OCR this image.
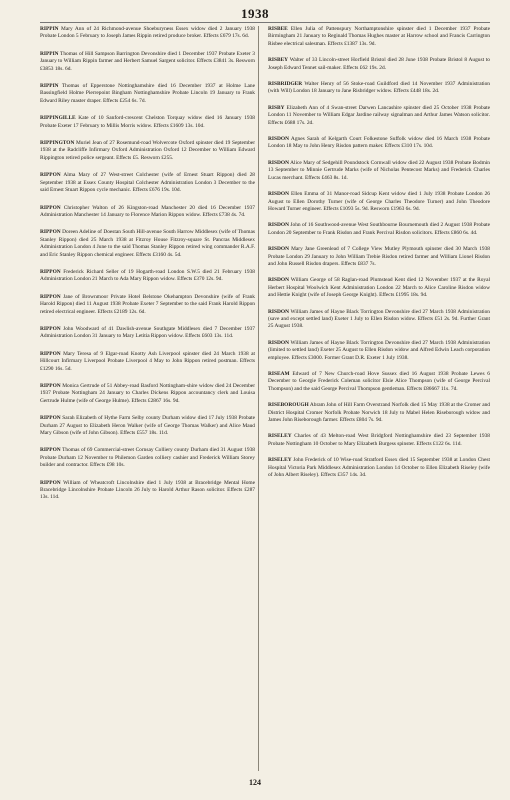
1938

RIPPIN Mary Ann of 24 Richmond-avenue Shoeburyness Essex widow died 2 January 1938 Probate London 5 February to Joseph James Rippin retired produce broker. Effects £679 17s. 6d.

RIPPIN Thomas of Hill Sampson Barrington Devonshire died 1 December 1937 Probate Exeter 3 January to William Rippin farmer and Herbert Samuel Sargent solicitor. Effects £3841 3s. Resworn £3853 18s. 6d.

RIPPIN Thomas of Epperstone Nottinghamshire died 16 December 1937 at Holme Lane Bassingfield Holme Pierrepoint Bingham Nottinghamshire Probate Lincoln 19 January to Frank Edward Riley master draper. Effects £254 6s. 7d.

RIPPINGILLE Kate of 10 Sanford-crescent Chelston Torquay widow died 16 January 1938 Probate Exeter 17 February to Millis Morris widow. Effects £1609 13s. 10d.

RIPPINGTON Muriel Jean of 27 Rosemund-road Wolvercote Oxford spinster died 19 September 1938 at the Radcliffe Infirmary Oxford Administration Oxford 12 December to William Edward Rippington retired police sergeant. Effects £5. Resworn £255.

RIPPON Alma Mary of 27 West-street Colchester (wife of Ernest Stuart Rippon) died 28 September 1938 at Essex County Hospital Colchester Administration London 3 December to the said Ernest Stuart Rippon cycle mechanic. Effects £676 19s. 10d.

RIPPON Christopher Walton of 26 Kingston-road Manchester 20 died 16 December 1937 Administration Manchester 14 January to Florence Marion Rippon widow. Effects £738 4s. 7d.

RIPPON Doreen Adeline of Doestan South Hill-avenue South Harrow Middlesex (wife of Thomas Stanley Rippon) died 25 March 1938 at Fitzroy House Fitzroy-square St. Pancras Middlesex Administration London 4 June to the said Thomas Stanley Rippon retired wing commander R.A.F. and Eric Stanley Rippon chemical engineer. Effects £3160 4s. 5d.

RIPPON Frederick Richard Seller of 19 Hogarth-road London S.W.5 died 21 February 1938 Administration London 21 March to Ada Mary Rippon widow. Effects £370 12s. 9d.

RIPPON Jane of Brownmoor Private Hotel Belstone Okehampton Devonshire (wife of Frank Harold Rippon) died 11 August 1938 Probate Exeter 7 September to the said Frank Harold Rippon retired electrical engineer. Effects £2189 12s. 6d.

RIPPON John Woodward of 41 Dawlish-avenue Southgate Middlesex died 7 December 1937 Administration London 31 January to Mary Letitia Rippon widow. Effects £603 13s. 11d.

RIPPON Mary Teresa of 9 Elgar-road Knotty Ash Liverpool spinster died 24 March 1938 at Hillcourt Infirmary Liverpool Probate Liverpool 4 May to John Rippon retired postman. Effects £1290 16s. 5d.

RIPPON Monica Gertrude of 51 Abbey-road Basford Nottingham-shire widow died 24 December 1937 Probate Nottingham 24 January to Charles Dickens Rippon accountancy clerk and Louisa Gertrude Hulme (wife of George Hulme). Effects £2867 16s. 9d.

RIPPON Sarah Elizabeth of Hythe Farm Selby county Durham widow died 17 July 1938 Probate Durham 27 August to Elizabeth Heron Walker (wife of George Thomas Walker) and Alice Maud Mary Gibson (wife of John Gibson). Effects £557 18s. 11d.

RIPPON Thomas of 69 Commercial-street Cornsay Colliery county Durham died 31 August 1938 Probate Durham 12 November to Philemon Garden colliery cashier and Frederick William Storey builder and contractor. Effects £98 10s.

RIPPON William of Wheatcroft Lincolnshire died 1 July 1938 at Bracebridge Mental Home Bracebridge Lincolnshire Probate Lincoln 26 July to Harold Arthur Rason solicitor. Effects £287 13s. 11d.

RISBEE Ellen Julia of Pattenspury Northamptonshire spinster died 1 December 1937 Probate Birmingham 21 January to Reginald Thomas Hughes master at Harrow school and Francis Carrington Risbee electrical salesman. Effects £1387 13s. 9d.

RISBEY Walter of 33 Lincoln-street Horfield Bristol died 28 June 1938 Probate Bristol 8 August to Joseph Edward Tennet sail-maker. Effects £62 19s. 2d.

RISBRIDGER Walter Henry of 56 Stoke-road Guildford died 14 November 1937 Administration (with Will) London 18 January to Jane Risbridger widow. Effects £448 18s. 2d.

RISBY Elizabeth Ann of 4 Swan-street Darwen Lancashire spinster died 25 October 1938 Probate London 11 November to William Edgar Jardine railway signalman and Arthur James Watson solicitor. Effects £688 17s. 2d.

RISDON Agnes Sarah of Kelgarth Court Folkestone Suffolk widow died 16 March 1938 Probate London 18 May to John Henry Risdon pattern maker. Effects £310 17s. 10d.

RISDON Alice Mary of Sedgehill Poundstock Cornwall widow died 22 August 1938 Probate Bodmin 13 September to Minnie Gertrude Marks (wife of Nicholas Pentecost Marks) and Frederick Charles Lucas merchant. Effects £463 8s. 1d.

RISDON Ellen Emma of 31 Manor-road Sidcup Kent widow died 1 July 1938 Probate London 26 August to Ellen Dorothy Turner (wife of George Charles Theodore Turner) and John Theodore Howard Turner engineer. Effects £1093 5s. 9d. Resworn £1963 6s. 9d.

RISDON John of 16 Southwood-avenue West Southbourne Bournemouth died 2 August 1938 Probate London 20 September to Frank Risdon and Frank Percival Risdon solicitors. Effects £860 6s. 4d.

RISDON Mary Jane Greenlead of 7 College View Mutley Plymouth spinster died 30 March 1938 Probate London 29 January to John William Trebie Risdon retired farmer and William Lionel Risdon and John Russell Risdon drapers. Effects £837 7s.

RISDON William George of 58 Raglan-road Plumstead Kent died 12 November 1937 at the Royal Herbert Hospital Woolwich Kent Administration London 22 March to Alice Caroline Risdon widow and Hettie Knight (wife of Joseph George Knight). Effects £1995 18s. 9d.

RISDON William James of Hayne Black Torrington Devonshire died 27 March 1938 Administration (save and except settled land) Exeter 1 July to Ellen Risdon widow. Effects £51 2s. 9d. Further Grant 25 August 1938.

RISDON William James of Hayne Black Torrington Devonshire died 27 March 1938 Administration (limited to settled land) Exeter 25 August to Ellen Risdon widow and Alfred Edwin Leach corporation employee. Effects £3000. Former Grant D.R. Exeter 1 July 1938.

RISEAM Edward of 7 New Church-road Hove Sussex died 16 August 1938 Probate Lewes 6 December to Georgie Frederick Coleman solicitor Elsie Alice Thompson (wife of George Percival Thompson) and the said George Percival Thompson gentleman. Effects £86667 11s. 7d.

RISEBOROUGH Abram John of Hill Farm Overstrand Norfolk died 15 May 1938 at the Cromer and District Hospital Cromer Norfolk Probate Norwich 18 July to Mabel Helen Riseborough widow and James John Riseborough farmer. Effects £804 7s. 9d.

RISELEY Charles of 43 Melton-road West Bridgford Nottinghamshire died 23 September 1938 Probate Nottingham 10 October to Mary Elizabeth Burgess spinster. Effects £122 6s. 11d.

RISELEY John Frederick of 10 Wise-road Stratford Essex died 15 September 1938 at London Chest Hospital Victoria Park Middlesex Administration London 14 October to Ellen Elizabeth Riseley (wife of John Albert Riseley). Effects £357 14s. 3d.

124
